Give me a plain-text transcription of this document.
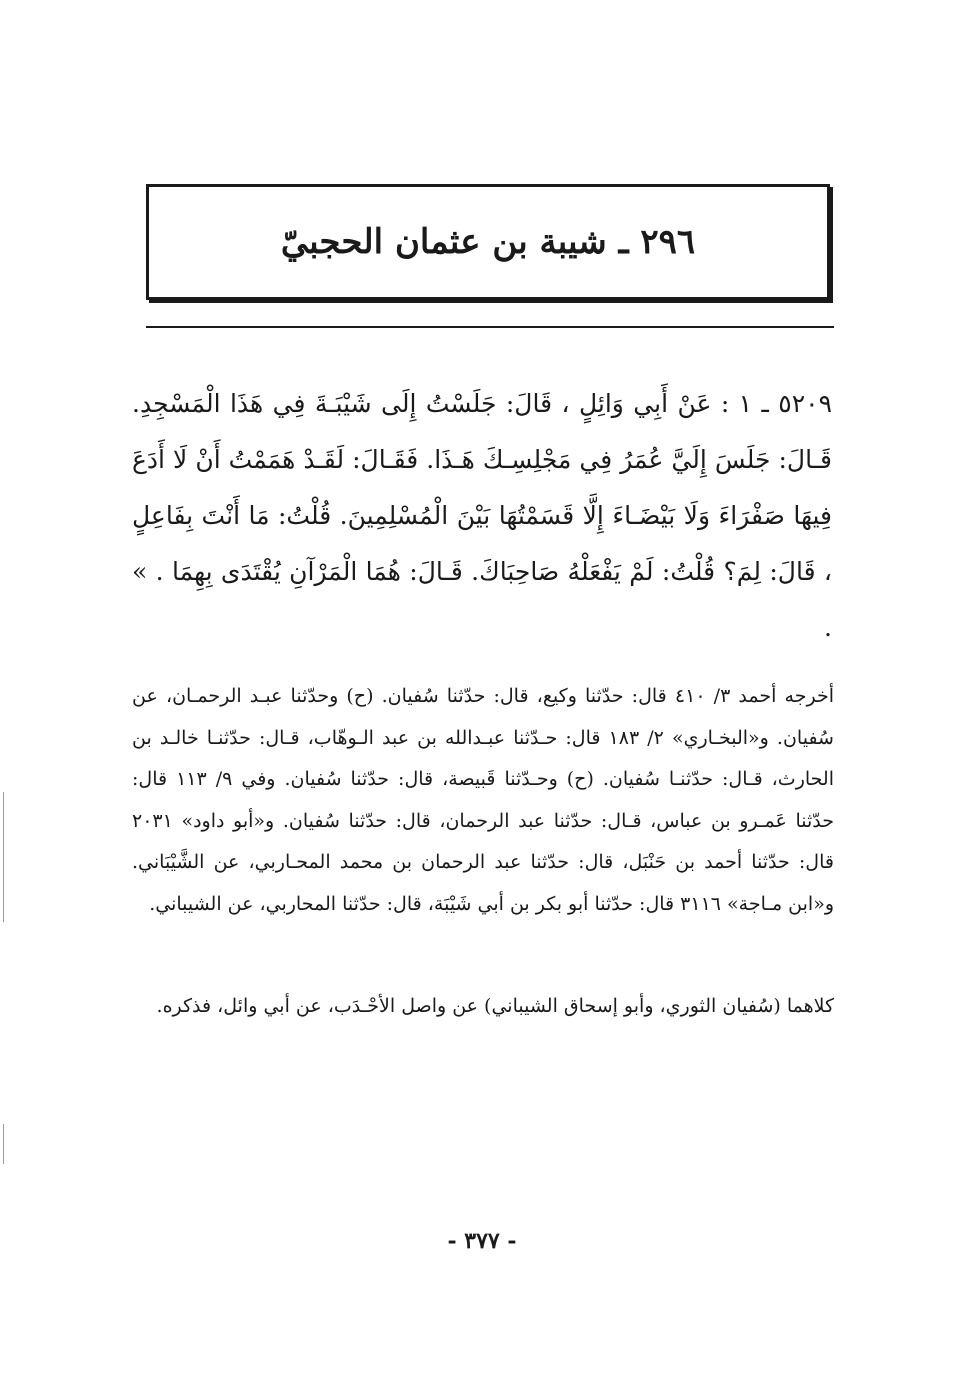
٢٩٦ ـ شيبة بن عثمان الحجبيّ
٥٢٠٩ ـ ١ : عَنْ أَبِي وَائِلٍ ، قَالَ: جَلَسْتُ إِلَى شَيْبَـةَ فِي هَذَا الْمَسْجِدِ. قَـالَ: جَلَسَ إِلَيَّ عُمَرُ فِي مَجْلِسِـكَ هَـذَا. فَقَـالَ: لَقَـدْ هَمَمْتُ أَنْ لَا أَدَعَ فِيهَا صَفْرَاءَ وَلَا بَيْضَـاءَ إِلَّا قَسَمْتُهَا بَيْنَ الْمُسْلِمِينَ. قُلْتُ: مَا أَنْتَ بِفَاعِلٍ ، قَالَ: لِمَ؟ قُلْتُ: لَمْ يَفْعَلْهُ صَاحِبَاكَ. قَـالَ: هُمَا الْمَرْآنِ يُقْتَدَى بِهِمَا . » .
أخرجه أحمد ٣/ ٤١٠ قال: حدّثنا وكيع، قال: حدّثنا سُفيان. (ح) وحدّثنا عبـد الرحمـان، عن سُفيان. و«البخـاري» ٢/ ١٨٣ قال: حـدّثنا عبـدالله بن عبد الـوهّاب، قـال: حدّثنـا خالـد بن الحارث، قـال: حدّثنـا سُفيان. (ح) وحـدّثنا قَبيصة، قال: حدّثنا سُفيان. وفي ٩/ ١١٣ قال: حدّثنا عَمـرو بن عباس، قـال: حدّثنا عبد الرحمان، قال: حدّثنا سُفيان. و«أبو داود» ٢٠٣١ قال: حدّثنا أحمد بن حَنْبَل، قال: حدّثنا عبد الرحمان بن محمد المحـاربي، عن الشَّيْبَاني. و«ابن مـاجة» ٣١١٦ قال: حدّثنا أبو بكر بن أبي شَيْبَة، قال: حدّثنا المحاربي، عن الشيباني.
كلاهما (سُفيان الثوري، وأبو إسحاق الشيباني) عن واصل الأحْـدَب، عن أبي وائل، فذكره.
- ٣٧٧ -
